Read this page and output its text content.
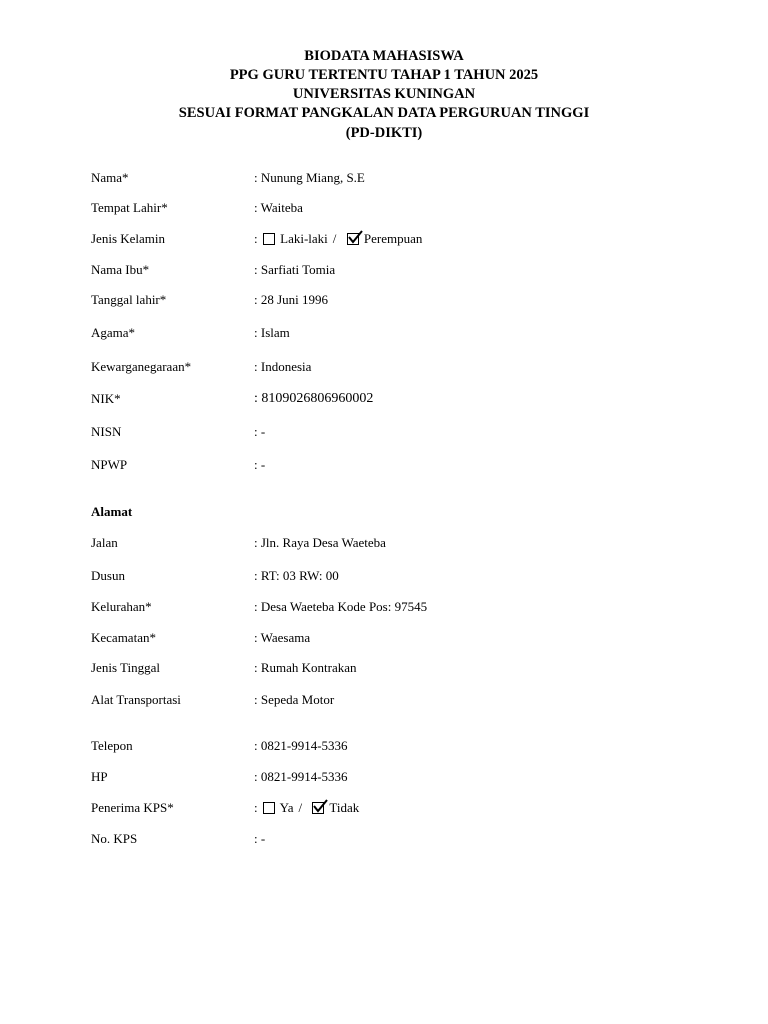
BIODATA MAHASISWA
PPG GURU TERTENTU TAHAP 1 TAHUN 2025
UNIVERSITAS KUNINGAN
SESUAI FORMAT PANGKALAN DATA PERGURUAN TINGGI
(PD-DIKTI)
Nama*	: Nunung Miang, S.E
Tempat Lahir*	: Waiteba
Jenis Kelamin	: Laki-laki / Perempuan
Nama Ibu*	: Sarfiati Tomia
Tanggal lahir*	: 28 Juni 1996
Agama*	: Islam
Kewarganegaraan*	: Indonesia
NIK*	: 8109026806960002
NISN	: -
NPWP	: -
Alamat
Jalan	: Jln. Raya Desa Waeteba
Dusun	: RT: 03 RW: 00
Kelurahan*	: Desa Waeteba Kode Pos: 97545
Kecamatan*	: Waesama
Jenis Tinggal	: Rumah Kontrakan
Alat Transportasi	: Sepeda Motor
Telepon	: 0821-9914-5336
HP	: 0821-9914-5336
Penerima KPS*	: Ya / Tidak
No. KPS	: -
